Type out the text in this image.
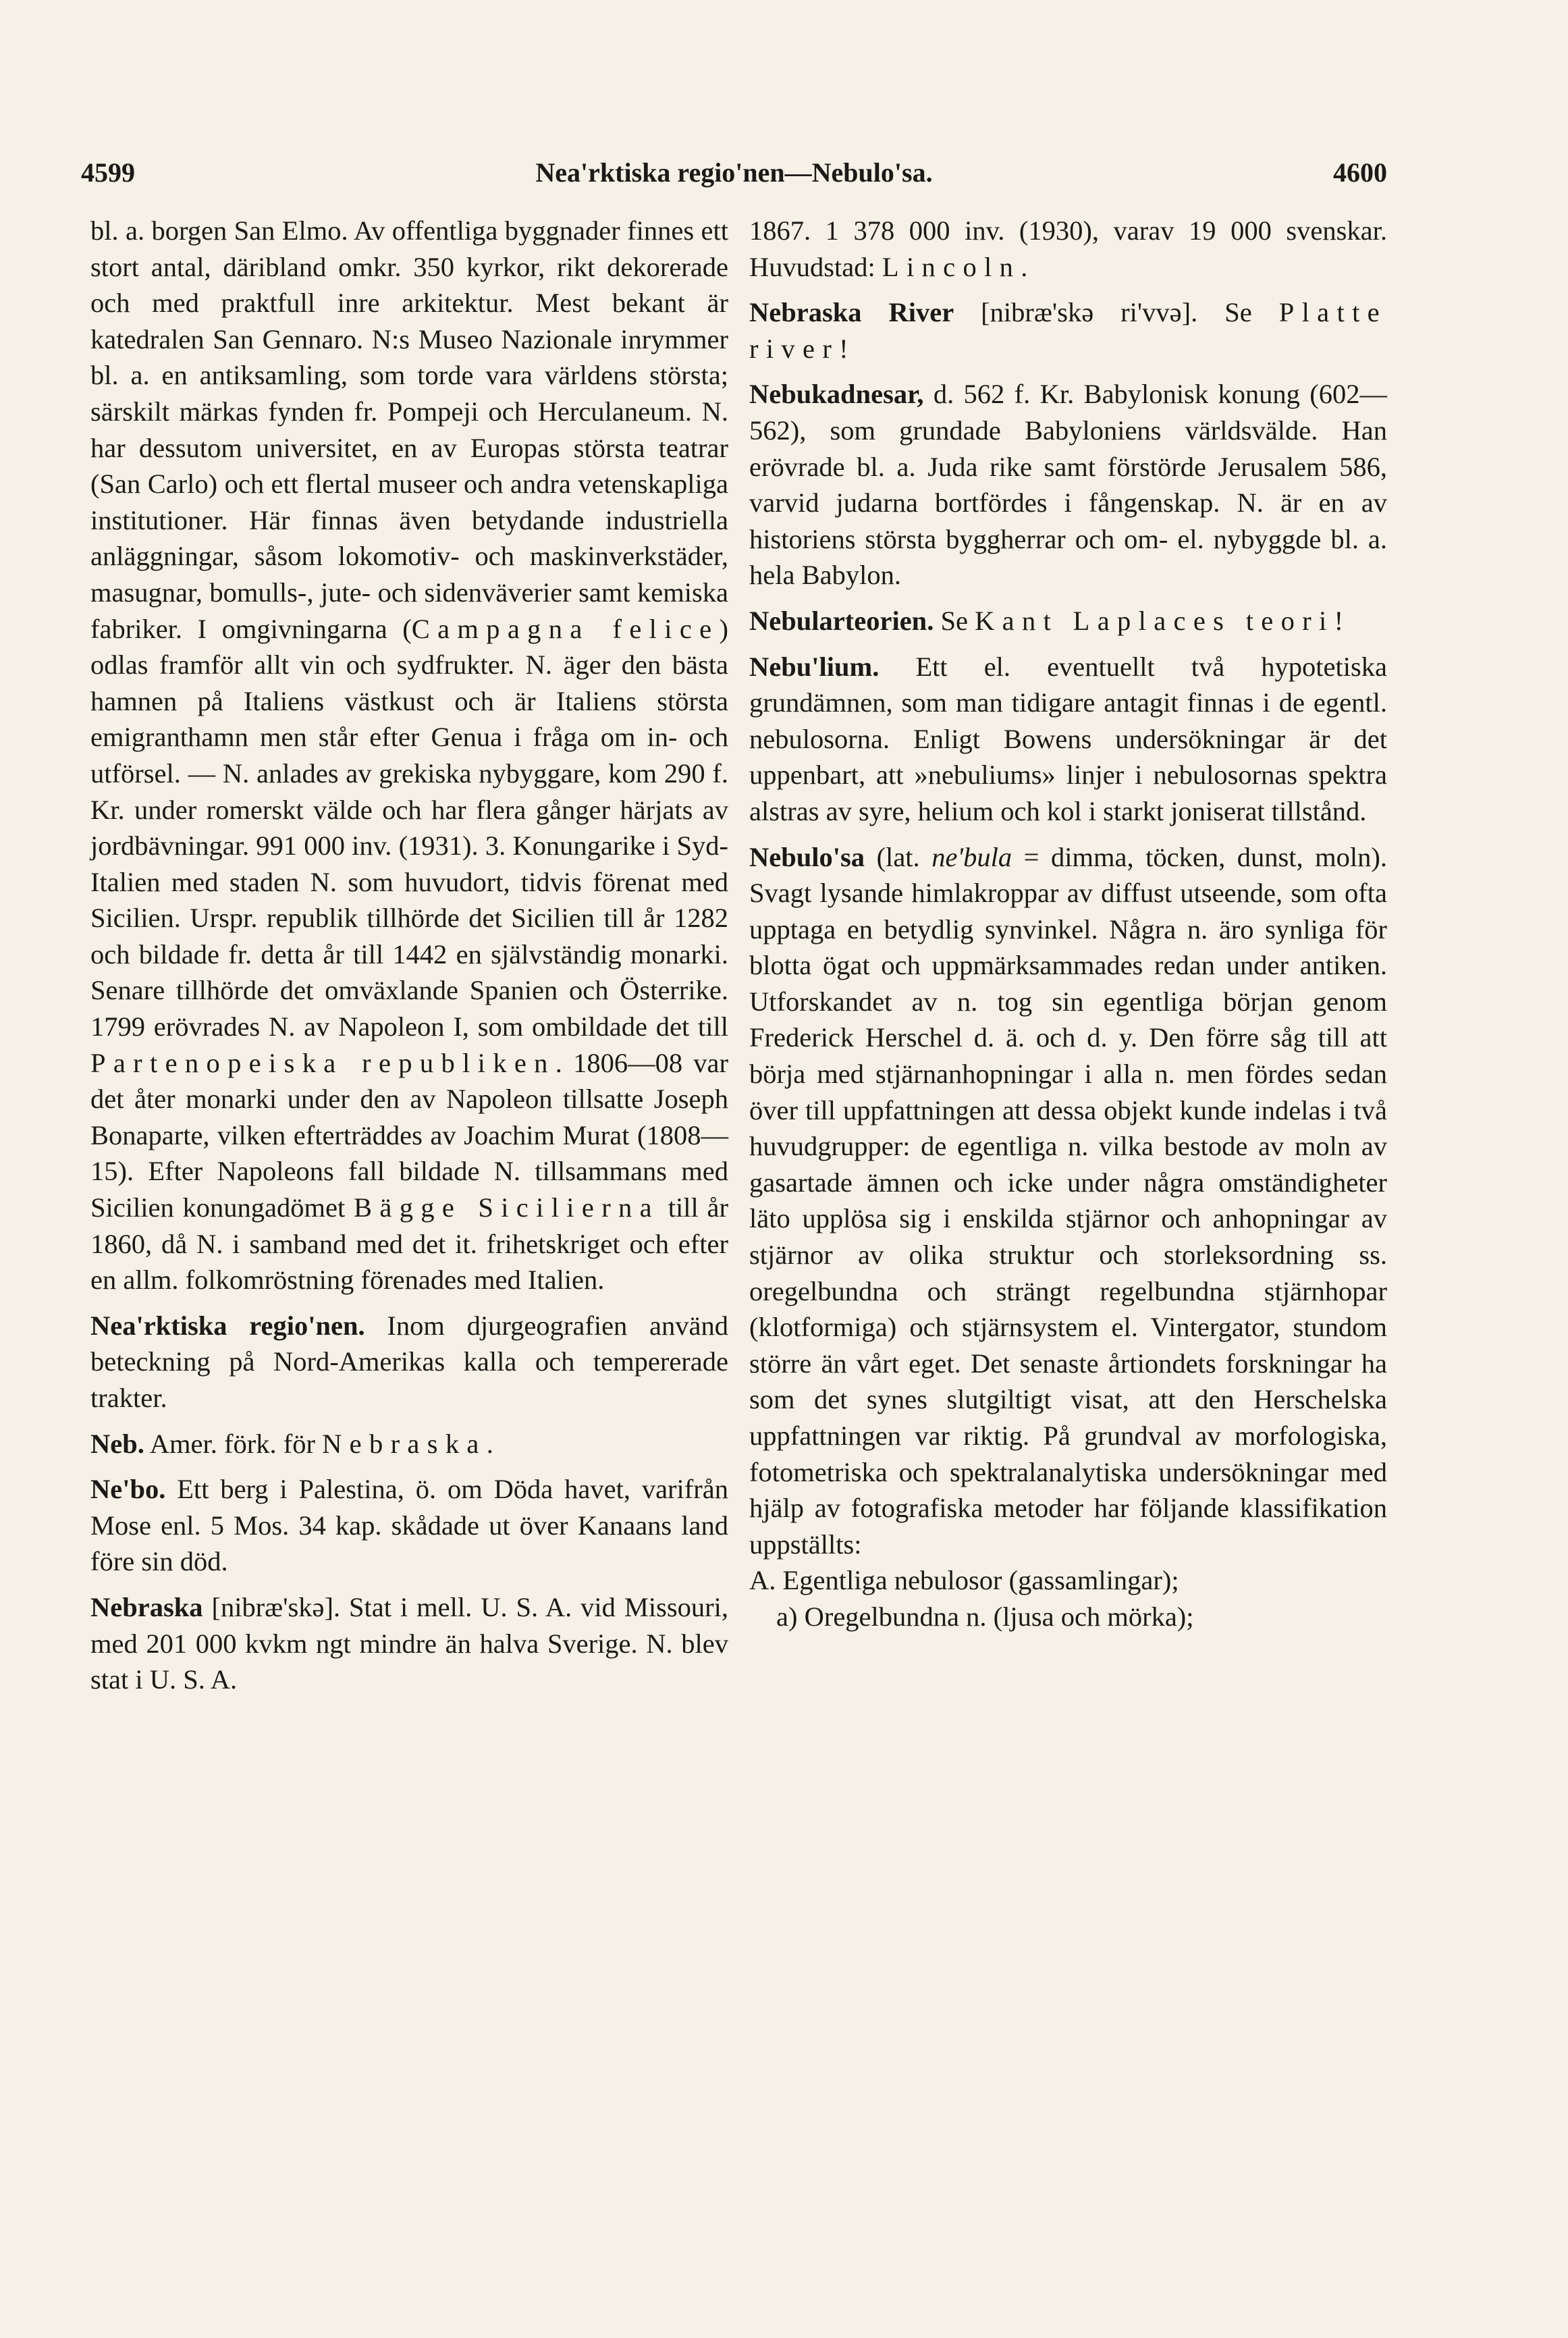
4599	Nea'rktiska regio'nen—Nebulo'sa.	4600

bl. a. borgen San Elmo. Av offentliga byggnader finnes ett stort antal, däribland omkr. 350 kyrkor, rikt dekorerade och med praktfull inre arkitektur. Mest bekant är katedralen San Gennaro. N:s Museo Nazionale inrymmer bl. a. en antiksamling, som torde vara världens största; särskilt märkas fynden fr. Pompeji och Herculaneum. N. har dessutom universitet, en av Europas största teatrar (San Carlo) och ett flertal museer och andra vetenskapliga institutioner. Här finnas även betydande industriella anläggningar, såsom lokomotiv- och maskinverkstäder, masugnar, bomulls-, jute- och sidenväverier samt kemiska fabriker. I omgivningarna (Campagna felice) odlas framför allt vin och sydfrukter. N. äger den bästa hamnen på Italiens västkust och är Italiens största emigranthamn men står efter Genua i fråga om in- och utförsel. — N. anlades av grekiska nybyggare, kom 290 f. Kr. under romerskt välde och har flera gånger härjats av jordbävningar. 991 000 inv. (1931). 3. Konungarike i Syd-Italien med staden N. som huvudort, tidvis förenat med Sicilien. Urspr. republik tillhörde det Sicilien till år 1282 och bildade fr. detta år till 1442 en självständig monarki. Senare tillhörde det omväxlande Spanien och Österrike. 1799 erövrades N. av Napoleon I, som ombildade det till Partenopeiska republiken. 1806—08 var det åter monarki under den av Napoleon tillsatte Joseph Bonaparte, vilken efterträddes av Joachim Murat (1808—15). Efter Napoleons fall bildade N. tillsammans med Sicilien konungadömet Bägge Sicilierna till år 1860, då N. i samband med det it. frihetskriget och efter en allm. folkomröstning förenades med Italien.

Nea'rktiska regio'nen. Inom djurgeografien använd beteckning på Nord-Amerikas kalla och tempererade trakter.

Neb. Amer. förk. för Nebraska.

Ne'bo. Ett berg i Palestina, ö. om Döda havet, varifrån Mose enl. 5 Mos. 34 kap. skådade ut över Kanaans land före sin död.

Nebraska [nibræ'skə]. Stat i mell. U. S. A. vid Missouri, med 201 000 kvkm ngt mindre än halva Sverige. N. blev stat i U. S. A.

1867. 1 378 000 inv. (1930), varav 19 000 svenskar. Huvudstad: Lincoln.

Nebraska River [nibræ'skə ri'vvə]. Se Platte river!

Nebukadnesar, d. 562 f. Kr. Babylonisk konung (602—562), som grundade Babyloniens världsvälde. Han erövrade bl. a. Juda rike samt förstörde Jerusalem 586, varvid judarna bortfördes i fångenskap. N. är en av historiens största byggherrar och om- el. nybyggde bl. a. hela Babylon.

Nebularteorien. Se Kant Laplaces teori!

Nebu'lium. Ett el. eventuellt två hypotetiska grundämnen, som man tidigare antagit finnas i de egentl. nebulosorna. Enligt Bowens undersökningar är det uppenbart, att »nebuliums» linjer i nebulosornas spektra alstras av syre, helium och kol i starkt joniserat tillstånd.

Nebulo'sa (lat. ne'bula = dimma, töcken, dunst, moln). Svagt lysande himlakroppar av diffust utseende, som ofta upptaga en betydlig synvinkel. Några n. äro synliga för blotta ögat och uppmärksammades redan under antiken. Utforskandet av n. tog sin egentliga början genom Frederick Herschel d. ä. och d. y. Den förre såg till att börja med stjärnanhopningar i alla n. men fördes sedan över till uppfattningen att dessa objekt kunde indelas i två huvudgrupper: de egentliga n. vilka bestode av moln av gasartade ämnen och icke under några omständigheter läto upplösa sig i enskilda stjärnor och anhopningar av stjärnor av olika struktur och storleksordning ss. oregelbundna och strängt regelbundna stjärnhopar (klotformiga) och stjärnsystem el. Vintergator, stundom större än vårt eget. Det senaste årtiondets forskningar ha som det synes slutgiltigt visat, att den Herschelska uppfattningen var riktig. På grundval av morfologiska, fotometriska och spektralanalytiska undersökningar med hjälp av fotografiska metoder har följande klassifikation uppställts:

A. Egentliga nebulosor (gassamlingar);

a) Oregelbundna n. (ljusa och mörka);
